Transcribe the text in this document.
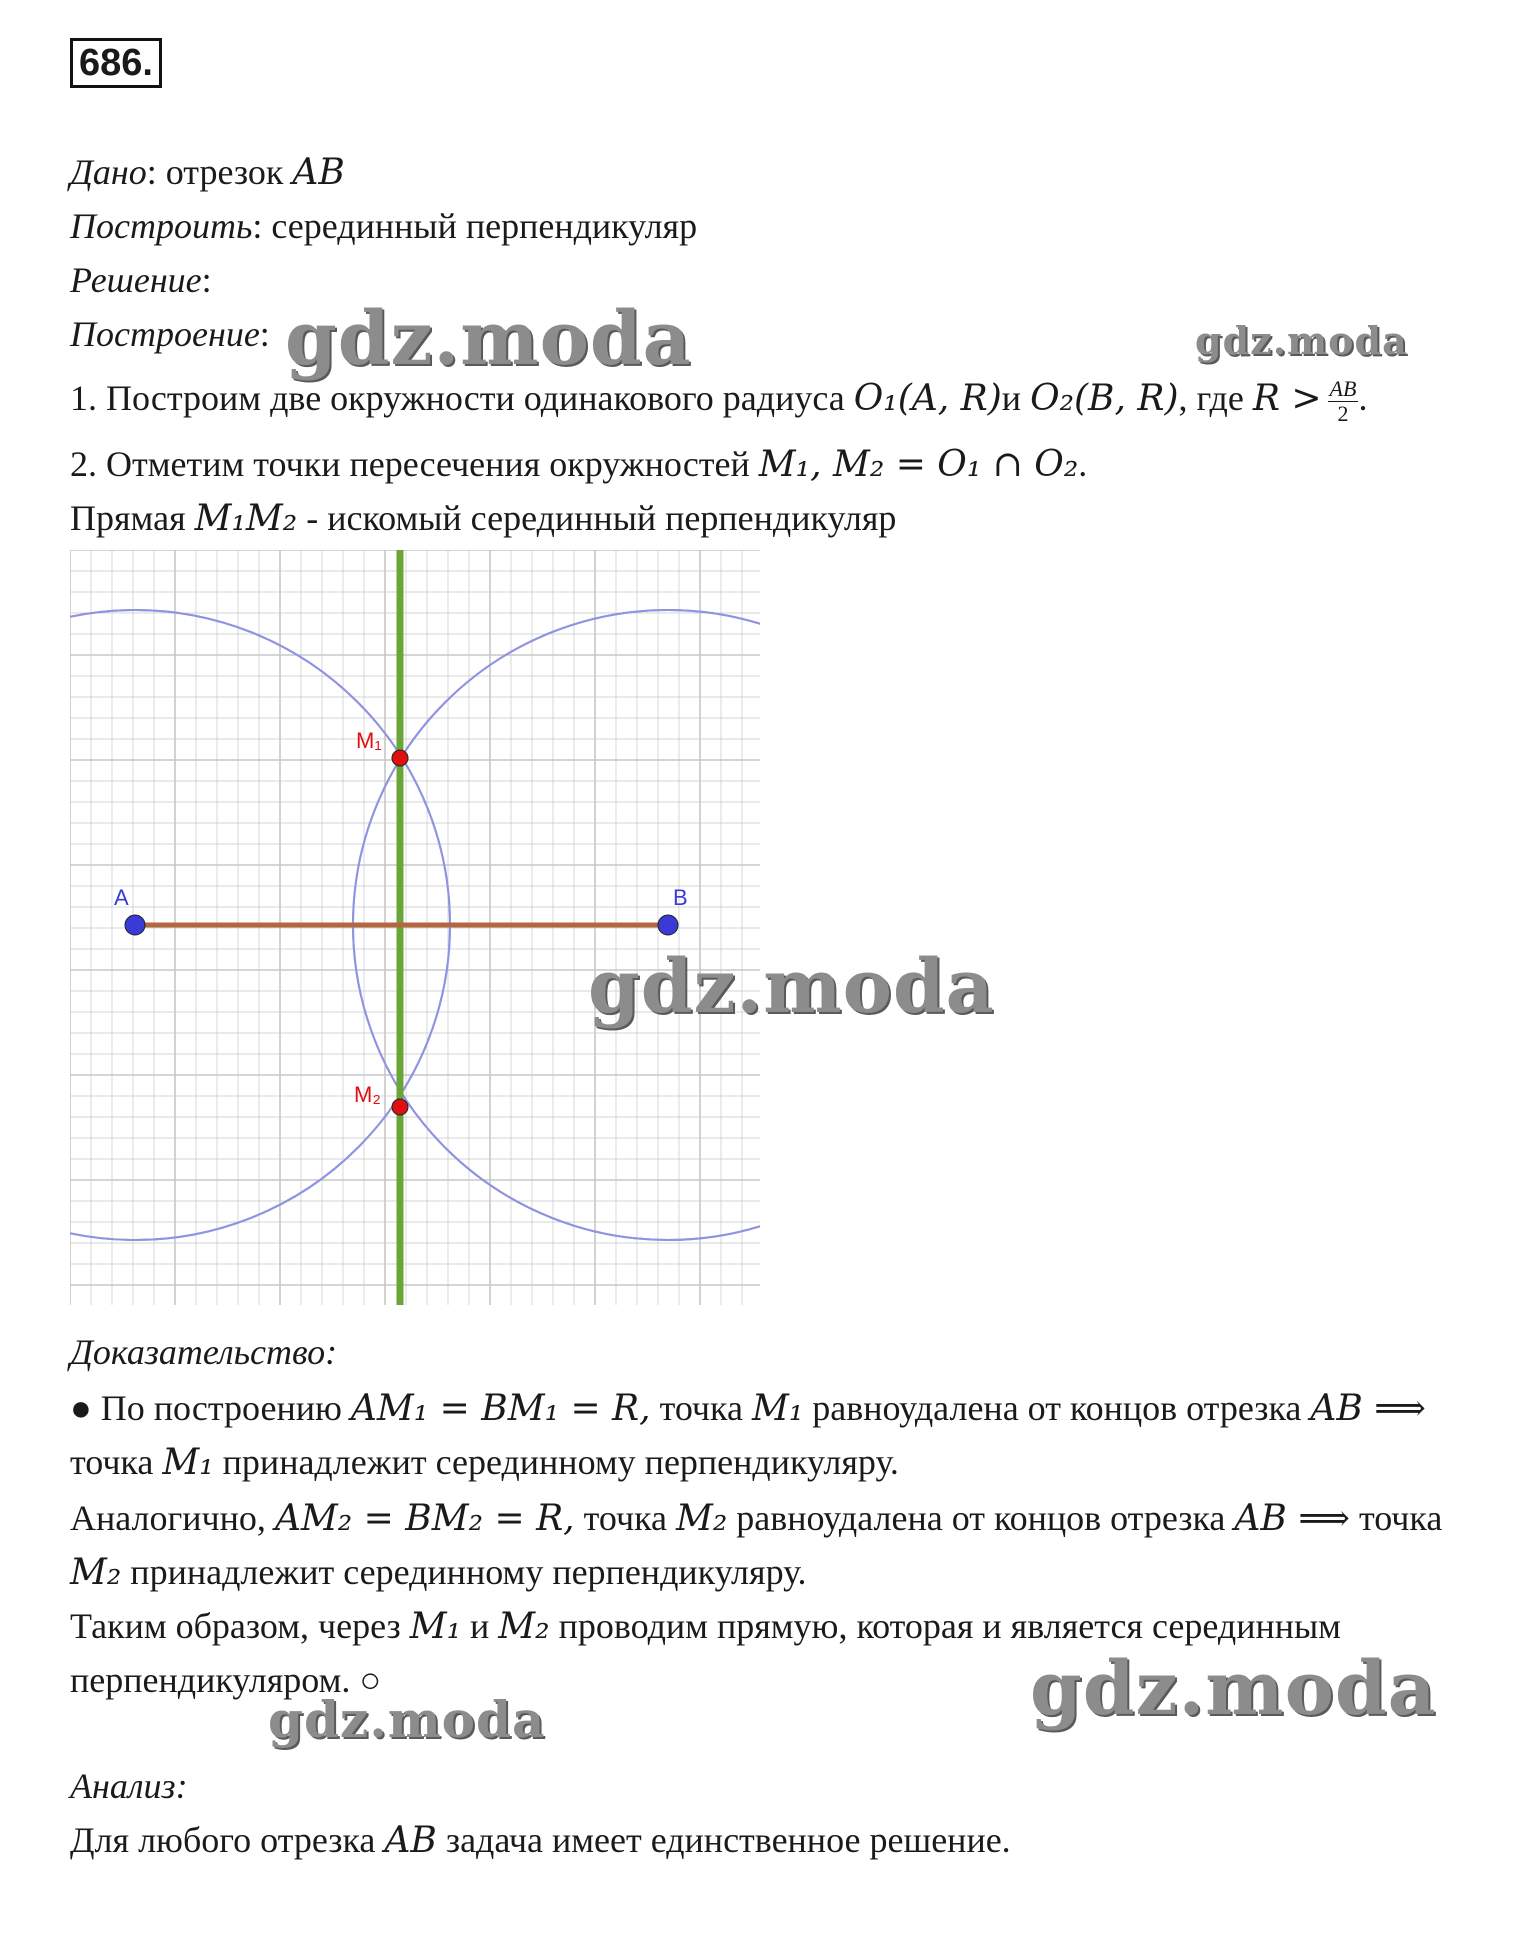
686.
Дано: отрезок AB
Построить: серединный перпендикуляр
Решение:
Построение:
1. Построим две окружности одинакового радиуса O₁(A, R)и O₂(B, R), где $R > \frac{AB}{2}$ .
2. Отметим точки пересечения окружностей M₁, M₂ = O₁ ∩ O₂.
Прямая M₁M₂ - искомый серединный перпендикуляр
A	B
M₁
M₂
Доказательство:
● По построению AM₁ = BM₁ = R, точка M₁ равноудалена от концов отрезка AB ⟹
точка M₁ принадлежит серединному перпендикуляру.
Аналогично, AM₂ = BM₂ = R, точка M₂ равноудалена от концов отрезка AB ⟹ точка
M₂ принадлежит серединному перпендикуляру.
Таким образом, через M₁ и M₂ проводим прямую, которая и является серединным
перпендикуляром. ○
Анализ:
Для любого отрезка AB задача имеет единственное решение.
gdz.moda	gdz.moda
gdz.moda
gdz.moda
gdz.moda
